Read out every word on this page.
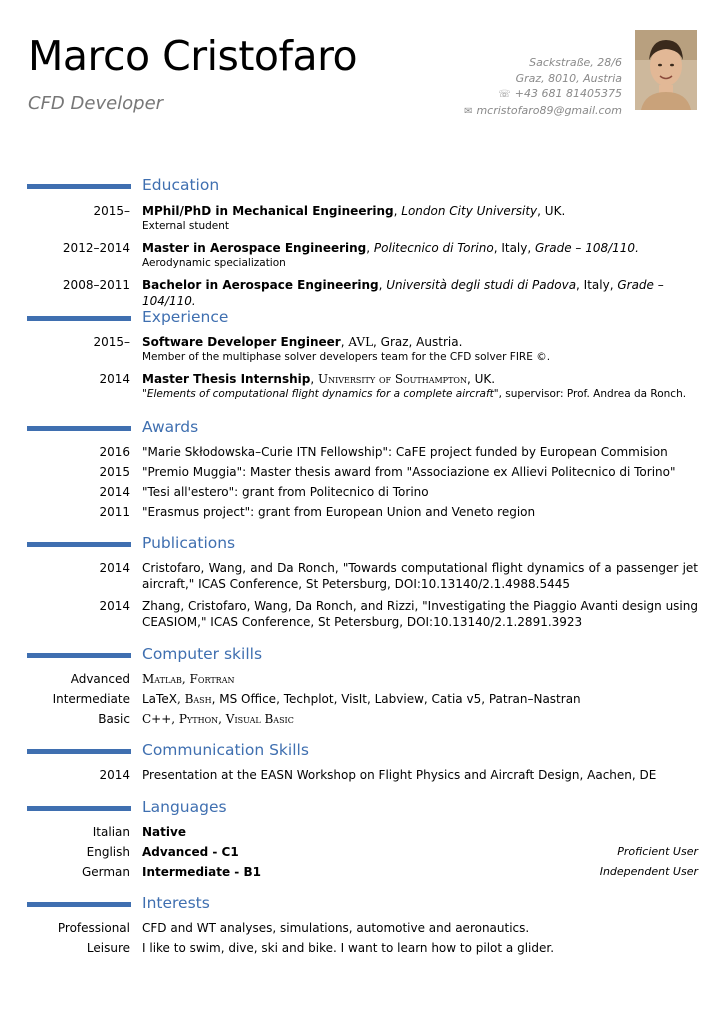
Marco Cristofaro
CFD Developer
Sackstraße, 28/6
Graz, 8010, Austria
☏ +43 681 81405375
✉ mcristofaro89@gmail.com
Education
2015– MPhil/PhD in Mechanical Engineering, London City University, UK.
External student
2012–2014 Master in Aerospace Engineering, Politecnico di Torino, Italy, Grade – 108/110.
Aerodynamic specialization
2008–2011 Bachelor in Aerospace Engineering, Università degli studi di Padova, Italy, Grade – 104/110.
Experience
2015– Software Developer Engineer, AVL, Graz, Austria.
Member of the multiphase solver developers team for the CFD solver FIRE ©.
2014 Master Thesis Internship, University of Southampton, UK.
"Elements of computational flight dynamics for a complete aircraft", supervisor: Prof. Andrea da Ronch.
Awards
2016 "Marie Skłodowska–Curie ITN Fellowship": CaFE project funded by European Commision
2015 "Premio Muggia": Master thesis award from "Associazione ex Allievi Politecnico di Torino"
2014 "Tesi all'estero": grant from Politecnico di Torino
2011 "Erasmus project": grant from European Union and Veneto region
Publications
2014 Cristofaro, Wang, and Da Ronch, "Towards computational flight dynamics of a passenger jet aircraft," ICAS Conference, St Petersburg, DOI:10.13140/2.1.4988.5445
2014 Zhang, Cristofaro, Wang, Da Ronch, and Rizzi, "Investigating the Piaggio Avanti design using CEASIOM," ICAS Conference, St Petersburg, DOI:10.13140/2.1.2891.3923
Computer skills
Advanced Matlab, Fortran
Intermediate LaTeX, Bash, MS Office, Techplot, VisIt, Labview, Catia v5, Patran–Nastran
Basic C++, Python, Visual Basic
Communication Skills
2014 Presentation at the EASN Workshop on Flight Physics and Aircraft Design, Aachen, DE
Languages
Italian Native
English Advanced - C1	Proficient User
German Intermediate - B1	Independent User
Interests
Professional CFD and WT analyses, simulations, automotive and aeronautics.
Leisure I like to swim, dive, ski and bike. I want to learn how to pilot a glider.
